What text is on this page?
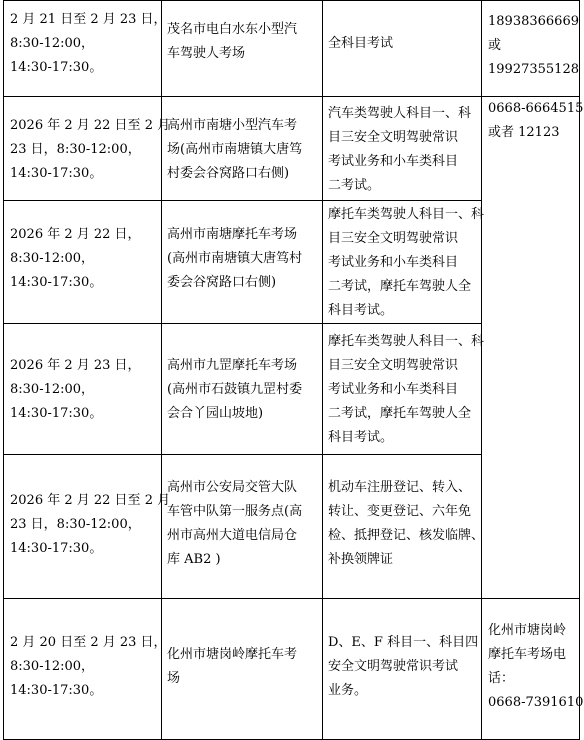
2 月 21 日至 2 月 23 日，
8:30-12:00，
14:30-17:30。	茂名市电白水东小型汽
车驾驶人考场	全科目考试	18938366669
或
19927355128

2026 年 2 月 22 日至 2 月
23 日，8:30-12:00，
14:30-17:30。	高州市南塘小型汽车考
场(高州市南塘镇大唐笃
村委会谷窝路口右侧)	汽车类驾驶人科目一、科
目三安全文明驾驶常识
考试业务和小车类科目
二考试。	0668-6664515
或者 12123

2026 年 2 月 22 日，
8:30-12:00，
14:30-17:30。	高州市南塘摩托车考场
(高州市南塘镇大唐笃村
委会谷窝路口右侧)	摩托车类驾驶人科目一、科
目三安全文明驾驶常识
考试业务和小车类科目
二考试，摩托车驾驶人全
科目考试。	

2026 年 2 月 23 日，
8:30-12:00，
14:30-17:30。	高州市九罡摩托车考场
(高州市石鼓镇九罡村委
会合丫园山坡地)	摩托车类驾驶人科目一、科
目三安全文明驾驶常识
考试业务和小车类科目
二考试，摩托车驾驶人全
科目考试。	

2026 年 2 月 22 日至 2 月
23 日，8:30-12:00，
14:30-17:30。	高州市公安局交管大队
车管中队第一服务点(高
州市高州大道电信局仓
库 AB2 )	机动车注册登记、转入、
转让、变更登记、六年免
检、抵押登记、核发临牌、
补换领牌证	

2 月 20 日至 2 月 23 日，
8:30-12:00，
14:30-17:30。	化州市塘岗岭摩托车考
场	D、E、F 科目一、科目四
安全文明驾驶常识考试
业务。	化州市塘岗岭
摩托车考场电
话：
0668-7391610
